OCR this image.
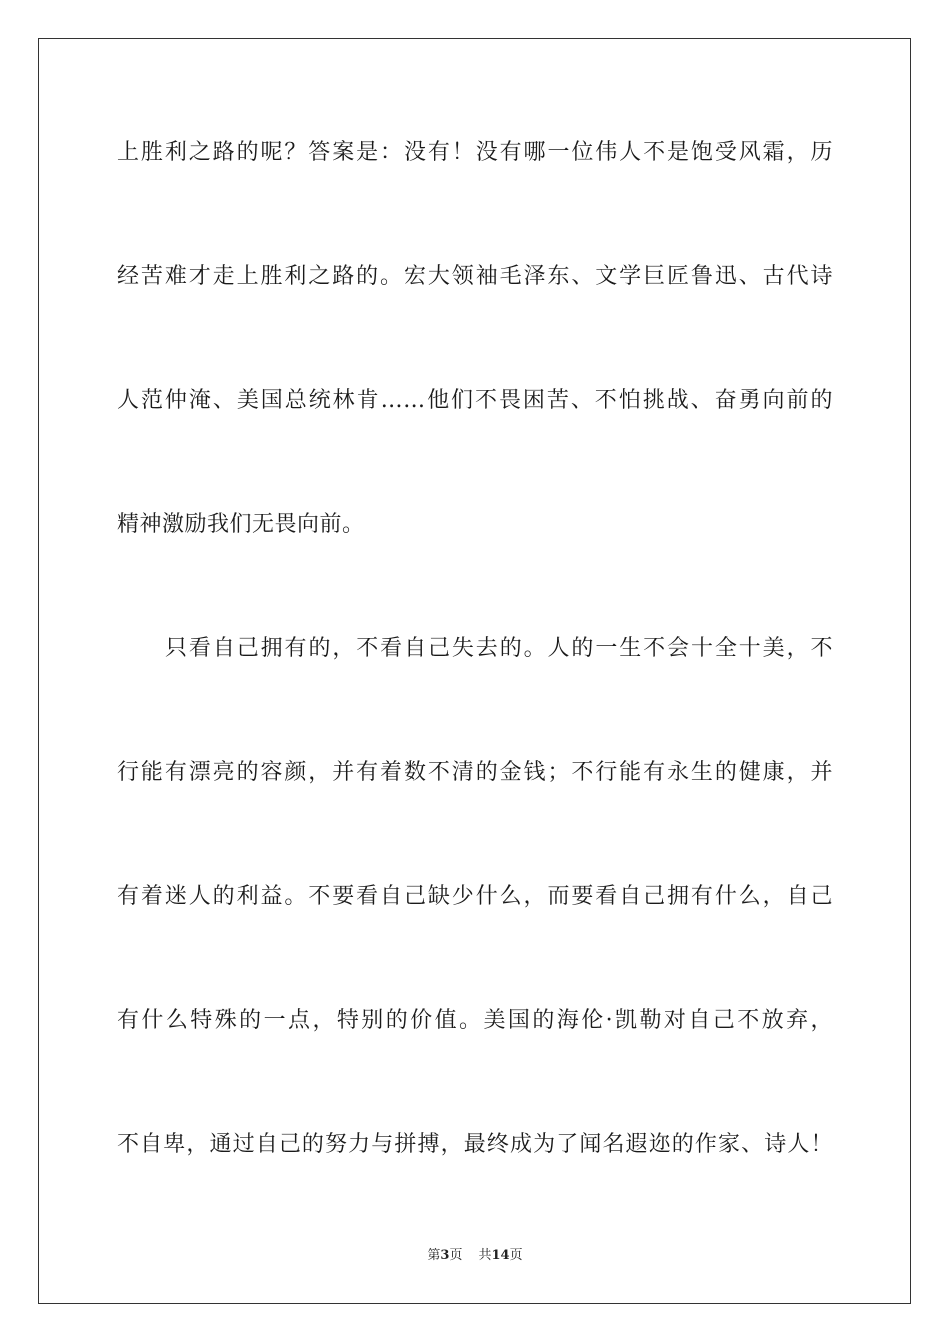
上胜利之路的呢？答案是：没有！没有哪一位伟人不是饱受风霜，历
经苦难才走上胜利之路的。宏大领袖毛泽东、文学巨匠鲁迅、古代诗
人范仲淹、美国总统林肯……他们不畏困苦、不怕挑战、奋勇向前的
精神激励我们无畏向前。
只看自己拥有的，不看自己失去的。人的一生不会十全十美，不
行能有漂亮的容颜，并有着数不清的金钱；不行能有永生的健康，并
有着迷人的利益。不要看自己缺少什么，而要看自己拥有什么，自己
有什么特殊的一点，特别的价值。美国的海伦·凯勒对自己不放弃，
不自卑，通过自己的努力与拼搏，最终成为了闻名遐迩的作家、诗人！
第3页 共14页
